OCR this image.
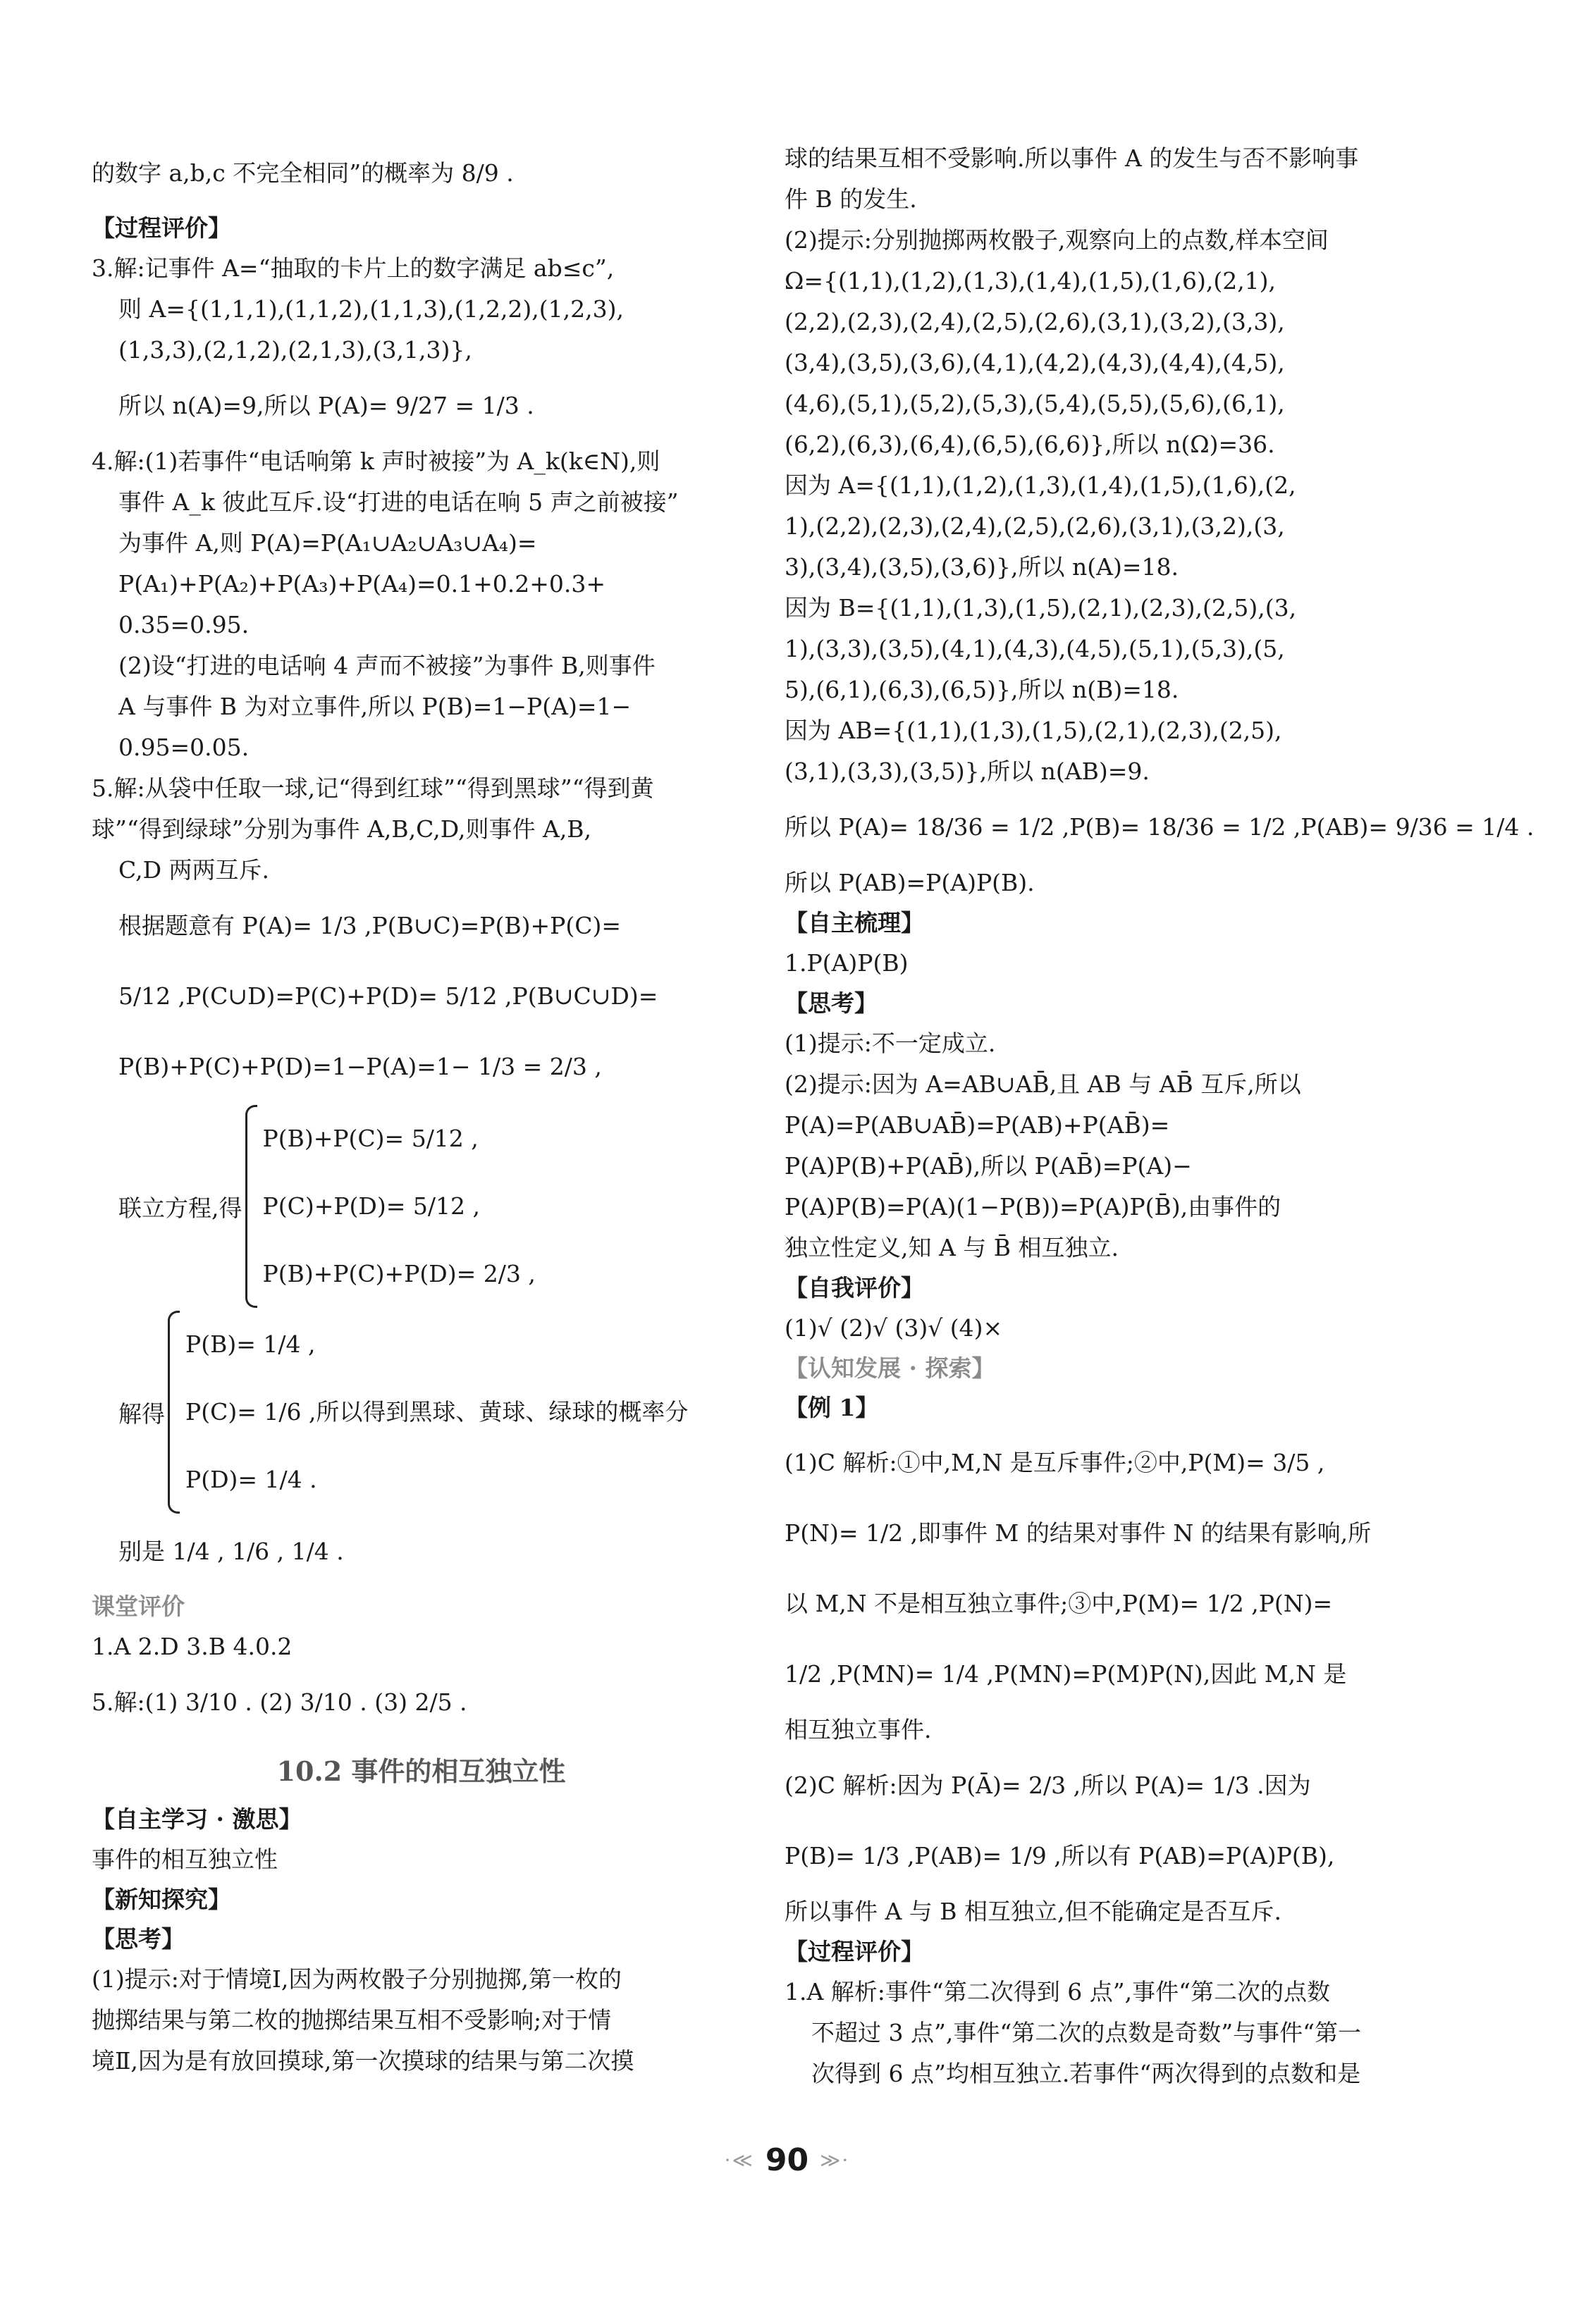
的数字 a,b,c 不完全相同”的概率为 8/9 .
【过程评价】
3.解:记事件 A=“抽取的卡片上的数字满足 ab≤c”,
则 A={(1,1,1),(1,1,2),(1,1,3),(1,2,2),(1,2,3),
(1,3,3),(2,1,2),(2,1,3),(3,1,3)},
所以 n(A)=9,所以 P(A)= 9/27 = 1/3 .
4.解:(1)若事件“电话响第 k 声时被接”为 A_k(k∈N),则
事件 A_k 彼此互斥.设“打进的电话在响 5 声之前被接”
为事件 A,则 P(A)=P(A₁∪A₂∪A₃∪A₄)=
P(A₁)+P(A₂)+P(A₃)+P(A₄)=0.1+0.2+0.3+
0.35=0.95.
(2)设“打进的电话响 4 声而不被接”为事件 B,则事件
A 与事件 B 为对立事件,所以 P(B)=1−P(A)=1−
0.95=0.05.
5.解:从袋中任取一球,记“得到红球”“得到黑球”“得到黄
球”“得到绿球”分别为事件 A,B,C,D,则事件 A,B,
C,D 两两互斥.
根据题意有 P(A)= 1/3 ,P(B∪C)=P(B)+P(C)=
5/12 ,P(C∪D)=P(C)+P(D)= 5/12 ,P(B∪C∪D)=
P(B)+P(C)+P(D)=1−P(A)=1− 1/3 = 2/3 ,
联立方程,得
P(B)+P(C)= 5/12 ,
P(C)+P(D)= 5/12 ,
P(B)+P(C)+P(D)= 2/3 ,
解得
P(B)= 1/4 ,
P(C)= 1/6 ,所以得到黑球、黄球、绿球的概率分
P(D)= 1/4 .
别是 1/4 , 1/6 , 1/4 .
课堂评价
1.A 2.D 3.B 4.0.2
5.解:(1) 3/10 . (2) 3/10 . (3) 2/5 .
10.2 事件的相互独立性
【自主学习 · 激思】
事件的相互独立性
【新知探究】
【思考】
(1)提示:对于情境Ⅰ,因为两枚骰子分别抛掷,第一枚的
抛掷结果与第二枚的抛掷结果互相不受影响;对于情
境Ⅱ,因为是有放回摸球,第一次摸球的结果与第二次摸
球的结果互相不受影响.所以事件 A 的发生与否不影响事
件 B 的发生.
(2)提示:分别抛掷两枚骰子,观察向上的点数,样本空间
Ω={(1,1),(1,2),(1,3),(1,4),(1,5),(1,6),(2,1),
(2,2),(2,3),(2,4),(2,5),(2,6),(3,1),(3,2),(3,3),
(3,4),(3,5),(3,6),(4,1),(4,2),(4,3),(4,4),(4,5),
(4,6),(5,1),(5,2),(5,3),(5,4),(5,5),(5,6),(6,1),
(6,2),(6,3),(6,4),(6,5),(6,6)},所以 n(Ω)=36.
因为 A={(1,1),(1,2),(1,3),(1,4),(1,5),(1,6),(2,
1),(2,2),(2,3),(2,4),(2,5),(2,6),(3,1),(3,2),(3,
3),(3,4),(3,5),(3,6)},所以 n(A)=18.
因为 B={(1,1),(1,3),(1,5),(2,1),(2,3),(2,5),(3,
1),(3,3),(3,5),(4,1),(4,3),(4,5),(5,1),(5,3),(5,
5),(6,1),(6,3),(6,5)},所以 n(B)=18.
因为 AB={(1,1),(1,3),(1,5),(2,1),(2,3),(2,5),
(3,1),(3,3),(3,5)},所以 n(AB)=9.
所以 P(A)= 18/36 = 1/2 ,P(B)= 18/36 = 1/2 ,P(AB)= 9/36 = 1/4 .
所以 P(AB)=P(A)P(B).
【自主梳理】
1.P(A)P(B)
【思考】
(1)提示:不一定成立.
(2)提示:因为 A=AB∪AB̄,且 AB 与 AB̄ 互斥,所以
P(A)=P(AB∪AB̄)=P(AB)+P(AB̄)=
P(A)P(B)+P(AB̄),所以 P(AB̄)=P(A)−
P(A)P(B)=P(A)(1−P(B))=P(A)P(B̄),由事件的
独立性定义,知 A 与 B̄ 相互独立.
【自我评价】
(1)√ (2)√ (3)√ (4)×
【认知发展 · 探索】
【例 1】
(1)C 解析:①中,M,N 是互斥事件;②中,P(M)= 3/5 ,
P(N)= 1/2 ,即事件 M 的结果对事件 N 的结果有影响,所
以 M,N 不是相互独立事件;③中,P(M)= 1/2 ,P(N)=
1/2 ,P(MN)= 1/4 ,P(MN)=P(M)P(N),因此 M,N 是
相互独立事件.
(2)C 解析:因为 P(Ā)= 2/3 ,所以 P(A)= 1/3 .因为
P(B)= 1/3 ,P(AB)= 1/9 ,所以有 P(AB)=P(A)P(B),
所以事件 A 与 B 相互独立,但不能确定是否互斥.
【过程评价】
1.A 解析:事件“第二次得到 6 点”,事件“第二次的点数
不超过 3 点”,事件“第二次的点数是奇数”与事件“第一
次得到 6 点”均相互独立.若事件“两次得到的点数和是
·≪ 90 ≫·
